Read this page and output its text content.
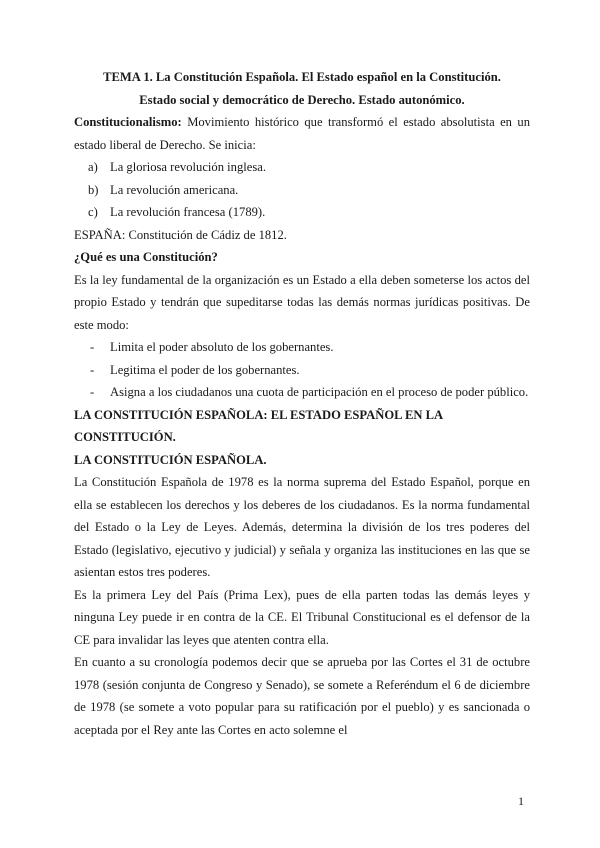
TEMA 1. La Constitución Española. El Estado español en la Constitución.

Estado social y democrático de Derecho. Estado autonómico.

Constitucionalismo: Movimiento histórico que transformó el estado absolutista en un estado liberal de Derecho. Se inicia:

a) La gloriosa revolución inglesa.
b) La revolución americana.
c) La revolución francesa (1789).

ESPAÑA: Constitución de Cádiz de 1812.

¿Qué es una Constitución?

Es la ley fundamental de la organización es un Estado a ella deben someterse los actos del propio Estado y tendrán que supeditarse todas las demás normas jurídicas positivas. De este modo:

- Limita el poder absoluto de los gobernantes.
- Legitima el poder de los gobernantes.
- Asigna a los ciudadanos una cuota de participación en el proceso de poder público.

LA CONSTITUCIÓN ESPAÑOLA: EL ESTADO ESPAÑOL EN LA CONSTITUCIÓN.

LA CONSTITUCIÓN ESPAÑOLA.

La Constitución Española de 1978 es la norma suprema del Estado Español, porque en ella se establecen los derechos y los deberes de los ciudadanos. Es la norma fundamental del Estado o la Ley de Leyes. Además, determina la división de los tres poderes del Estado (legislativo, ejecutivo y judicial) y señala y organiza las instituciones en las que se asientan estos tres poderes.

Es la primera Ley del País (Prima Lex), pues de ella parten todas las demás leyes y ninguna Ley puede ir en contra de la CE. El Tribunal Constitucional es el defensor de la CE para invalidar las leyes que atenten contra ella.

En cuanto a su cronología podemos decir que se aprueba por las Cortes el 31 de octubre 1978 (sesión conjunta de Congreso y Senado), se somete a Referéndum el 6 de diciembre de 1978 (se somete a voto popular para su ratificación por el pueblo) y es sancionada o aceptada por el Rey ante las Cortes en acto solemne el

1
